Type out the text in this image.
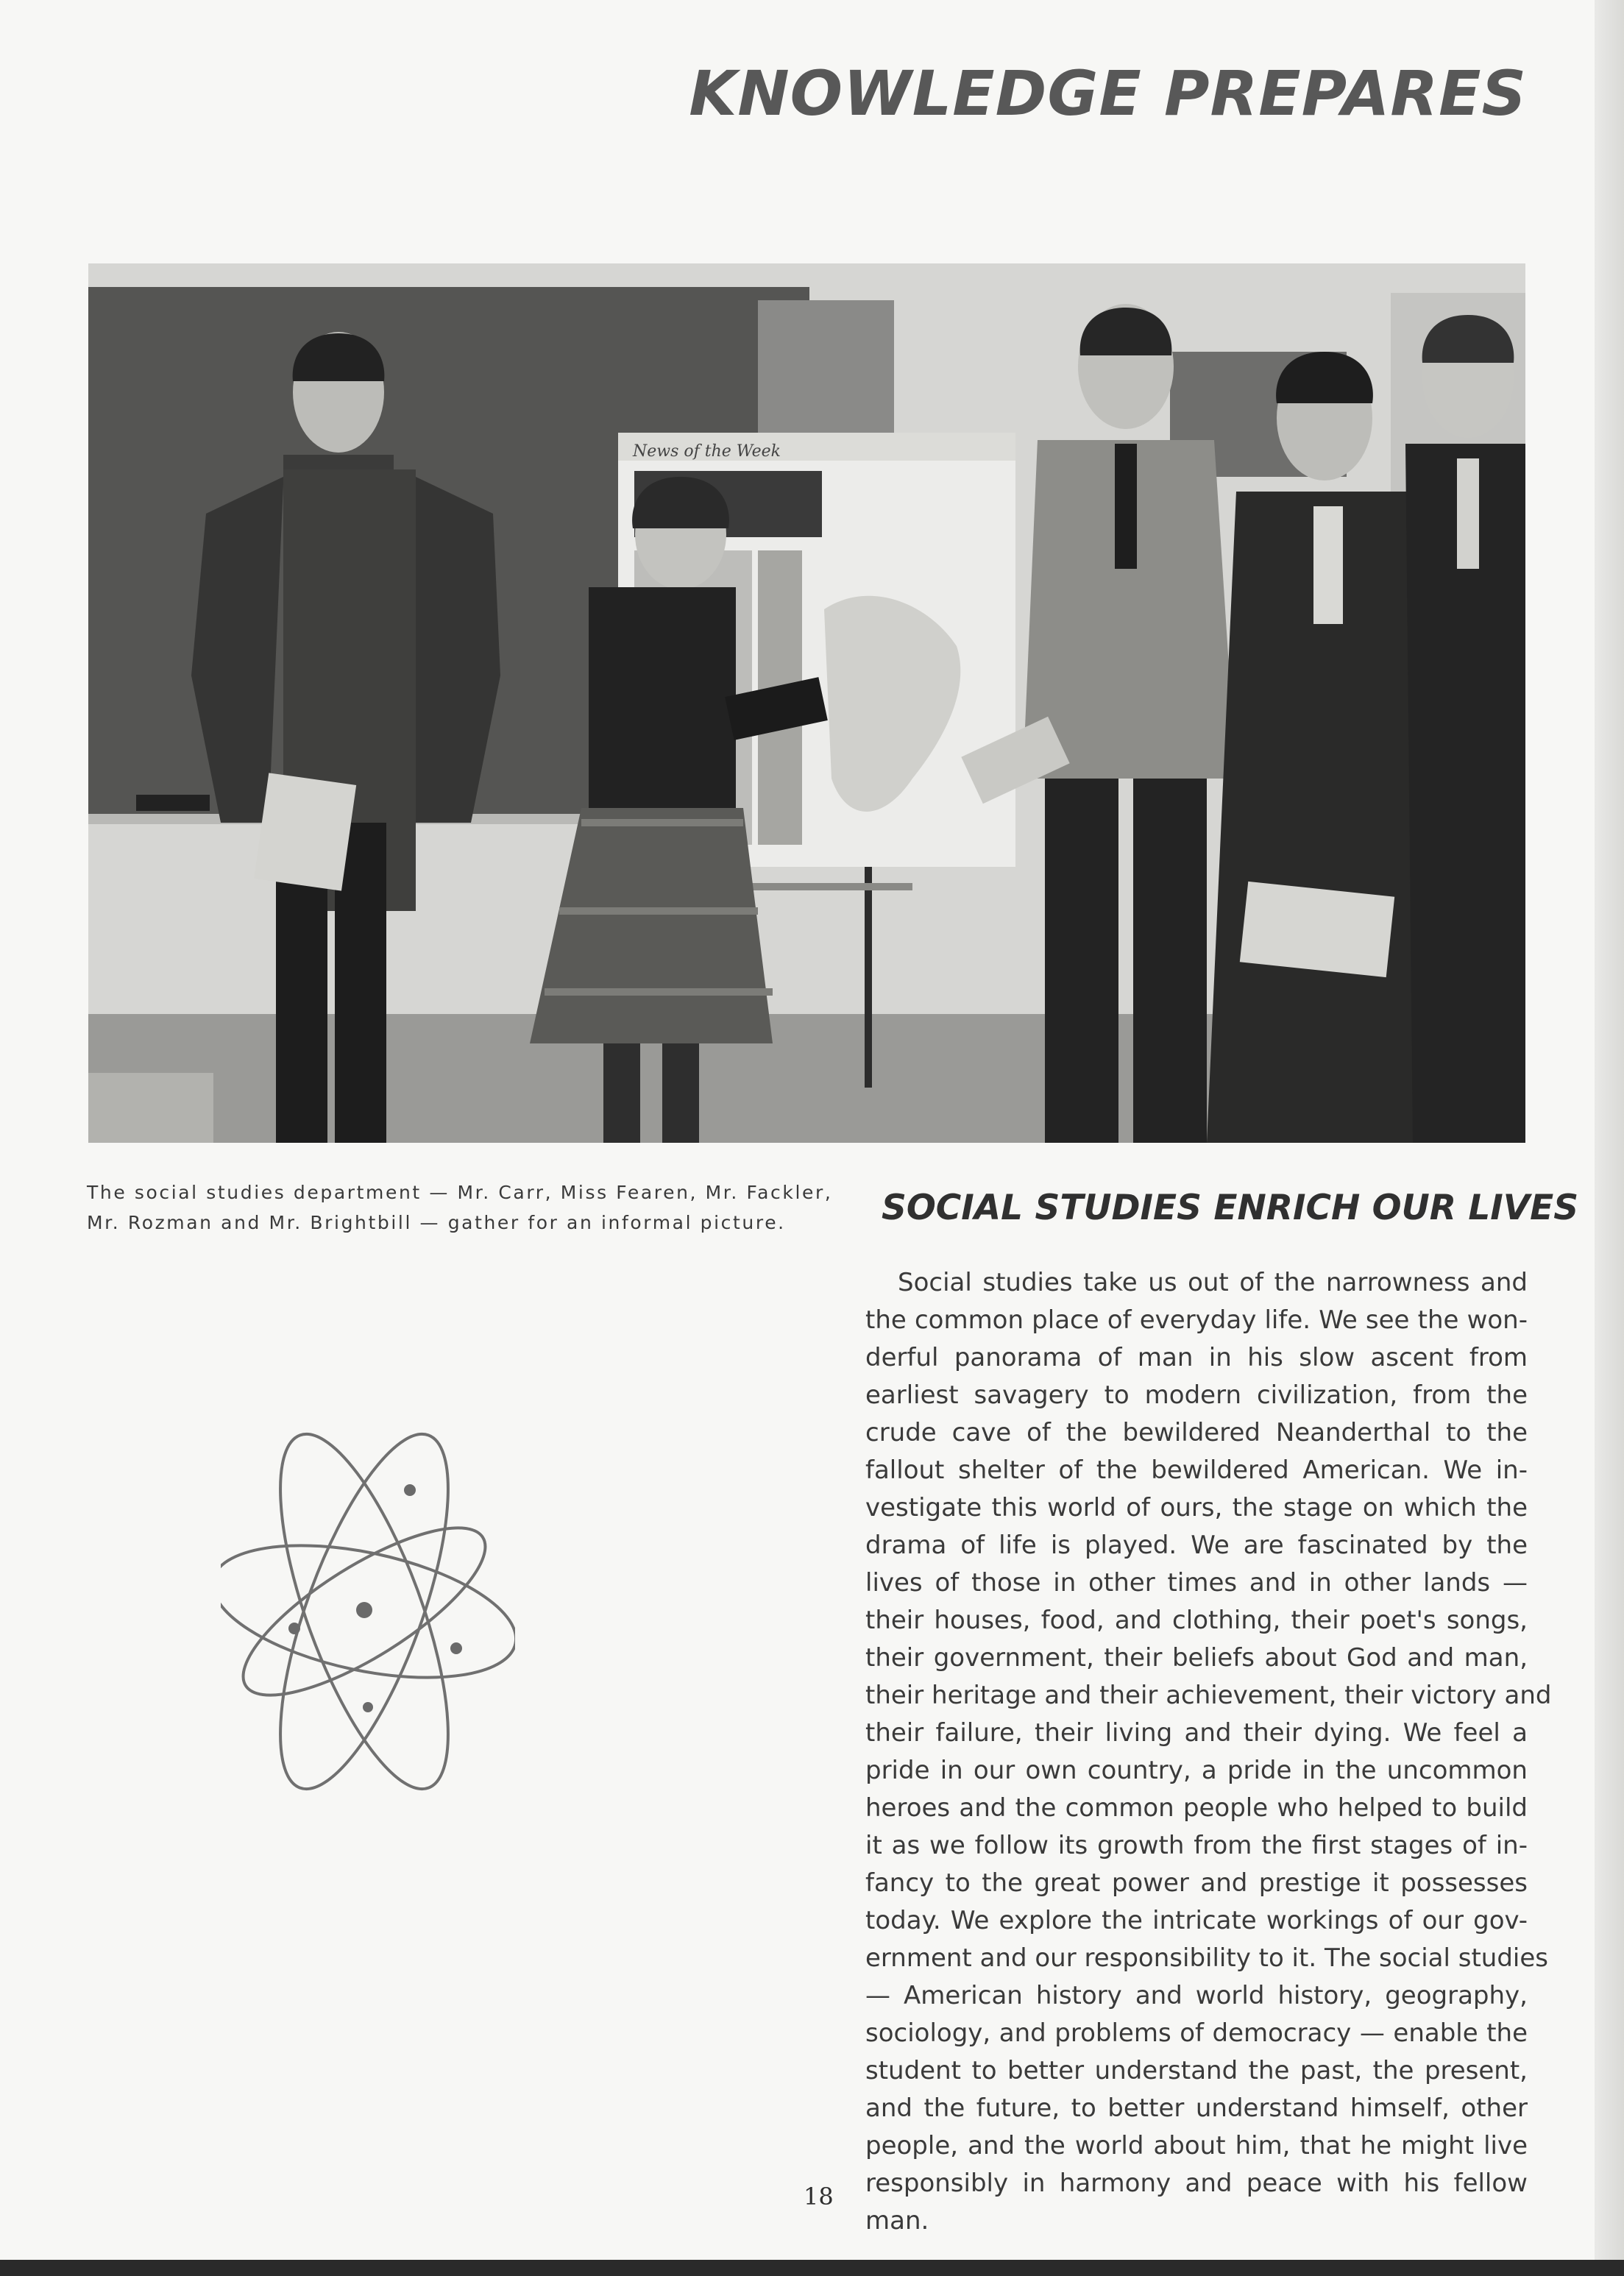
KNOWLEDGE PREPARES
News of the Week
The social studies department — Mr. Carr, Miss Fearen, Mr. Fackler,
Mr. Rozman and Mr. Brightbill — gather for an informal picture.	SOCIAL STUDIES ENRICH OUR LIVES
Social studies take us out of the narrowness and
the common place of everyday life. We see the won-
derful panorama of man in his slow ascent from
earliest savagery to modern civilization, from the
crude cave of the bewildered Neanderthal to the
fallout shelter of the bewildered American. We in-
vestigate this world of ours, the stage on which the
drama of life is played. We are fascinated by the
lives of those in other times and in other lands —
their houses, food, and clothing, their poet's songs,
their government, their beliefs about God and man,
their heritage and their achievement, their victory and
their failure, their living and their dying. We feel a
pride in our own country, a pride in the uncommon
heroes and the common people who helped to build
it as we follow its growth from the first stages of in-
fancy to the great power and prestige it possesses
today. We explore the intricate workings of our gov-
ernment and our responsibility to it. The social studies
— American history and world history, geography,
sociology, and problems of democracy — enable the
student to better understand the past, the present,
and the future, to better understand himself, other
people, and the world about him, that he might live
responsibly in harmony and peace with his fellow
man.
18
